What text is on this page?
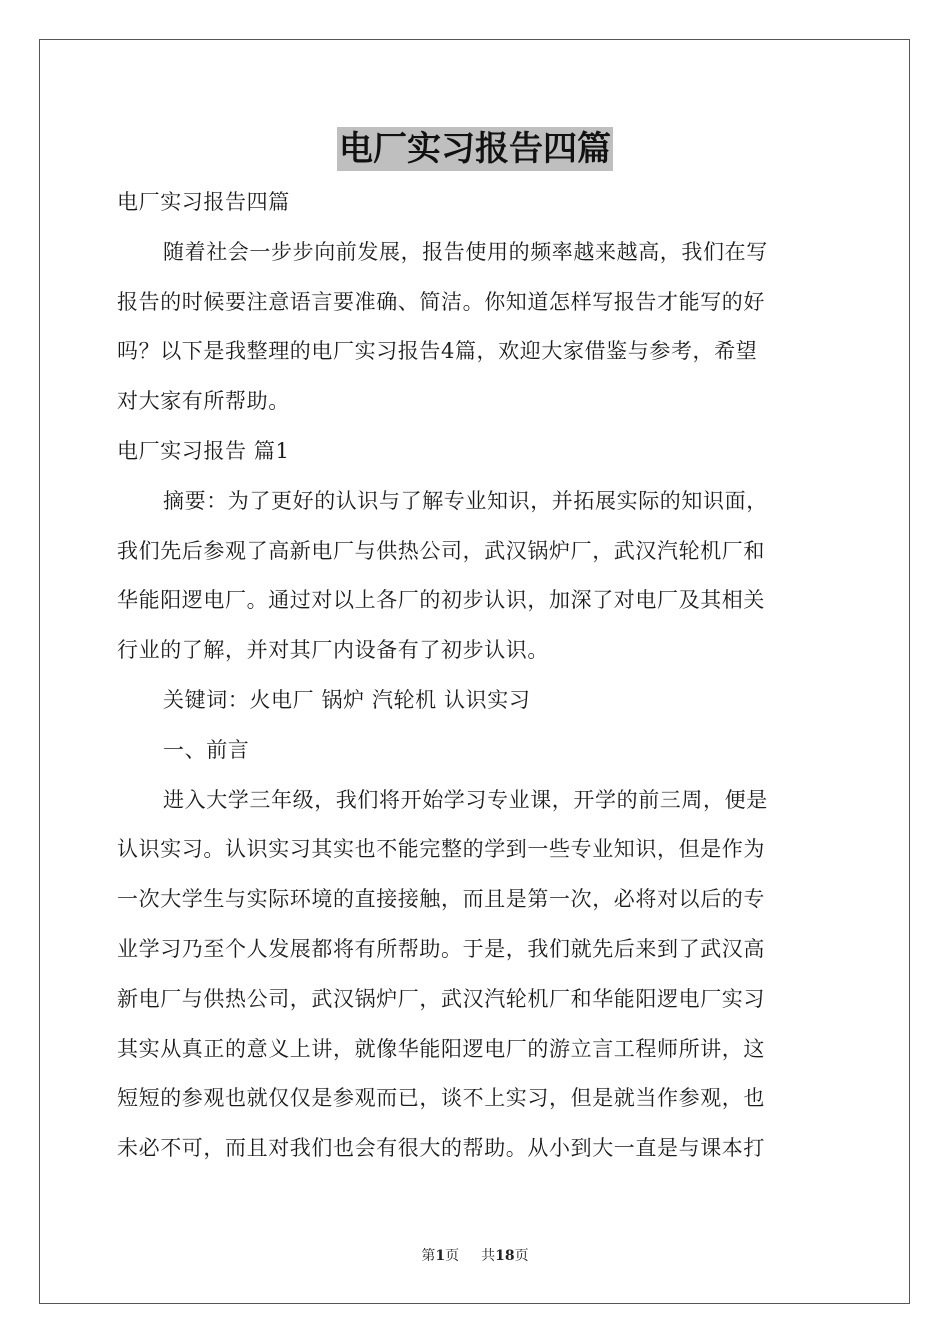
电厂实习报告四篇
电厂实习报告四篇
随着社会一步步向前发展，报告使用的频率越来越高，我们在写
报告的时候要注意语言要准确、简洁。你知道怎样写报告才能写的好
吗？以下是我整理的电厂实习报告4篇，欢迎大家借鉴与参考，希望
对大家有所帮助。
电厂实习报告 篇1
摘要：为了更好的认识与了解专业知识，并拓展实际的知识面，
我们先后参观了高新电厂与供热公司，武汉锅炉厂，武汉汽轮机厂和
华能阳逻电厂。通过对以上各厂的初步认识，加深了对电厂及其相关
行业的了解，并对其厂内设备有了初步认识。
关键词：火电厂 锅炉 汽轮机 认识实习
一、前言
进入大学三年级，我们将开始学习专业课，开学的前三周，便是
认识实习。认识实习其实也不能完整的学到一些专业知识，但是作为
一次大学生与实际环境的直接接触，而且是第一次，必将对以后的专
业学习乃至个人发展都将有所帮助。于是，我们就先后来到了武汉高
新电厂与供热公司，武汉锅炉厂，武汉汽轮机厂和华能阳逻电厂实习
其实从真正的意义上讲，就像华能阳逻电厂的游立言工程师所讲，这
短短的参观也就仅仅是参观而已，谈不上实习，但是就当作参观，也
未必不可，而且对我们也会有很大的帮助。从小到大一直是与课本打
第1页 共18页
